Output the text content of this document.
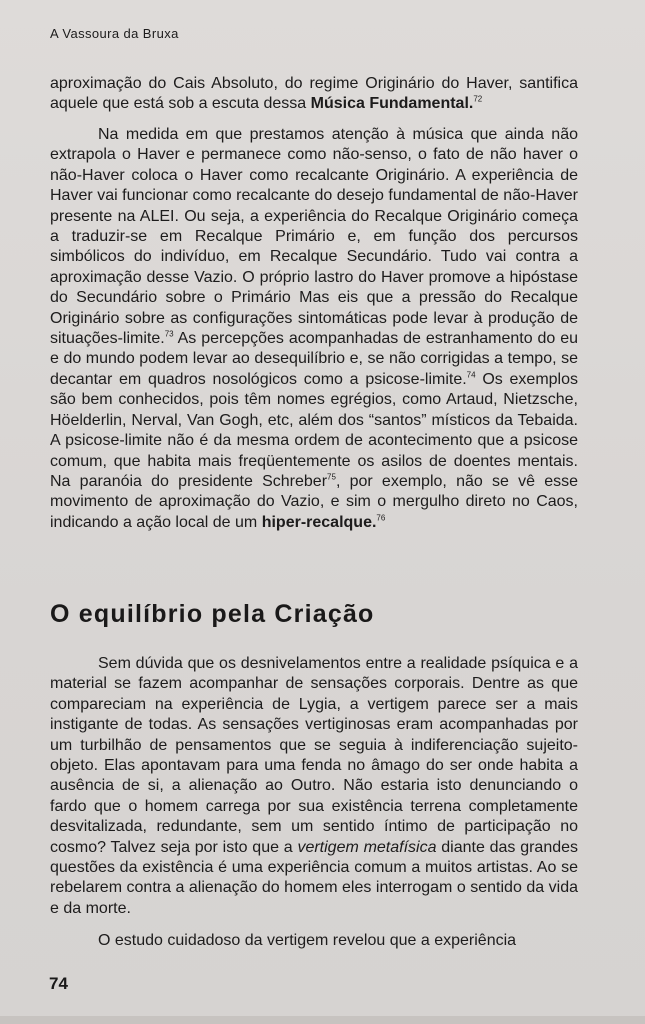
A Vassoura da Bruxa

aproximação do Cais Absoluto, do regime Originário do Haver, santifica aquele que está sob a escuta dessa Música Fundamental.$^{72}$

Na medida em que prestamos atenção à música que ainda não extrapola o Haver e permanece como não-senso, o fato de não haver o não-Haver coloca o Haver como recalcante Originário. A experiência de Haver vai funcionar como recalcante do desejo fundamental de não-Haver presente na ALEI. Ou seja, a experiência do Recalque Originário começa a traduzir-se em Recalque Primário e, em função dos percursos simbólicos do indivíduo, em Recalque Secundário. Tudo vai contra a aproximação desse Vazio. O próprio lastro do Haver promove a hipóstase do Secundário sobre o Primário Mas eis que a pressão do Recalque Originário sobre as configurações sintomáticas pode levar à produção de situações-limite.$^{73}$ As percepções acompanhadas de estranhamento do eu e do mundo podem levar ao desequilíbrio e, se não corrigidas a tempo, se decantar em quadros nosológicos como a psicose-limite.$^{74}$ Os exemplos são bem conhecidos, pois têm nomes egrégios, como Artaud, Nietzsche, Höelderlin, Nerval, Van Gogh, etc, além dos “santos” místicos da Tebaida. A psicose-limite não é da mesma ordem de acontecimento que a psicose comum, que habita mais freqüentemente os asilos de doentes mentais. Na paranóia do presidente Schreber$^{75}$, por exemplo, não se vê esse movimento de aproximação do Vazio, e sim o mergulho direto no Caos, indicando a ação local de um hiper-recalque.$^{76}$

O equilíbrio pela Criação

Sem dúvida que os desnivelamentos entre a realidade psíquica e a material se fazem acompanhar de sensações corporais. Dentre as que compareciam na experiência de Lygia, a vertigem parece ser a mais instigante de todas. As sensações vertiginosas eram acompanhadas por um turbilhão de pensamentos que se seguia à indiferenciação sujeito-objeto. Elas apontavam para uma fenda no âmago do ser onde habita a ausência de si, a alienação ao Outro. Não estaria isto denunciando o fardo que o homem carrega por sua existência terrena completamente desvitalizada, redundante, sem um sentido íntimo de participação no cosmo? Talvez seja por isto que a vertigem metafísica diante das grandes questões da existência é uma experiência comum a muitos artistas. Ao se rebelarem contra a alienação do homem eles interrogam o sentido da vida e da morte.

O estudo cuidadoso da vertigem revelou que a experiência

74
